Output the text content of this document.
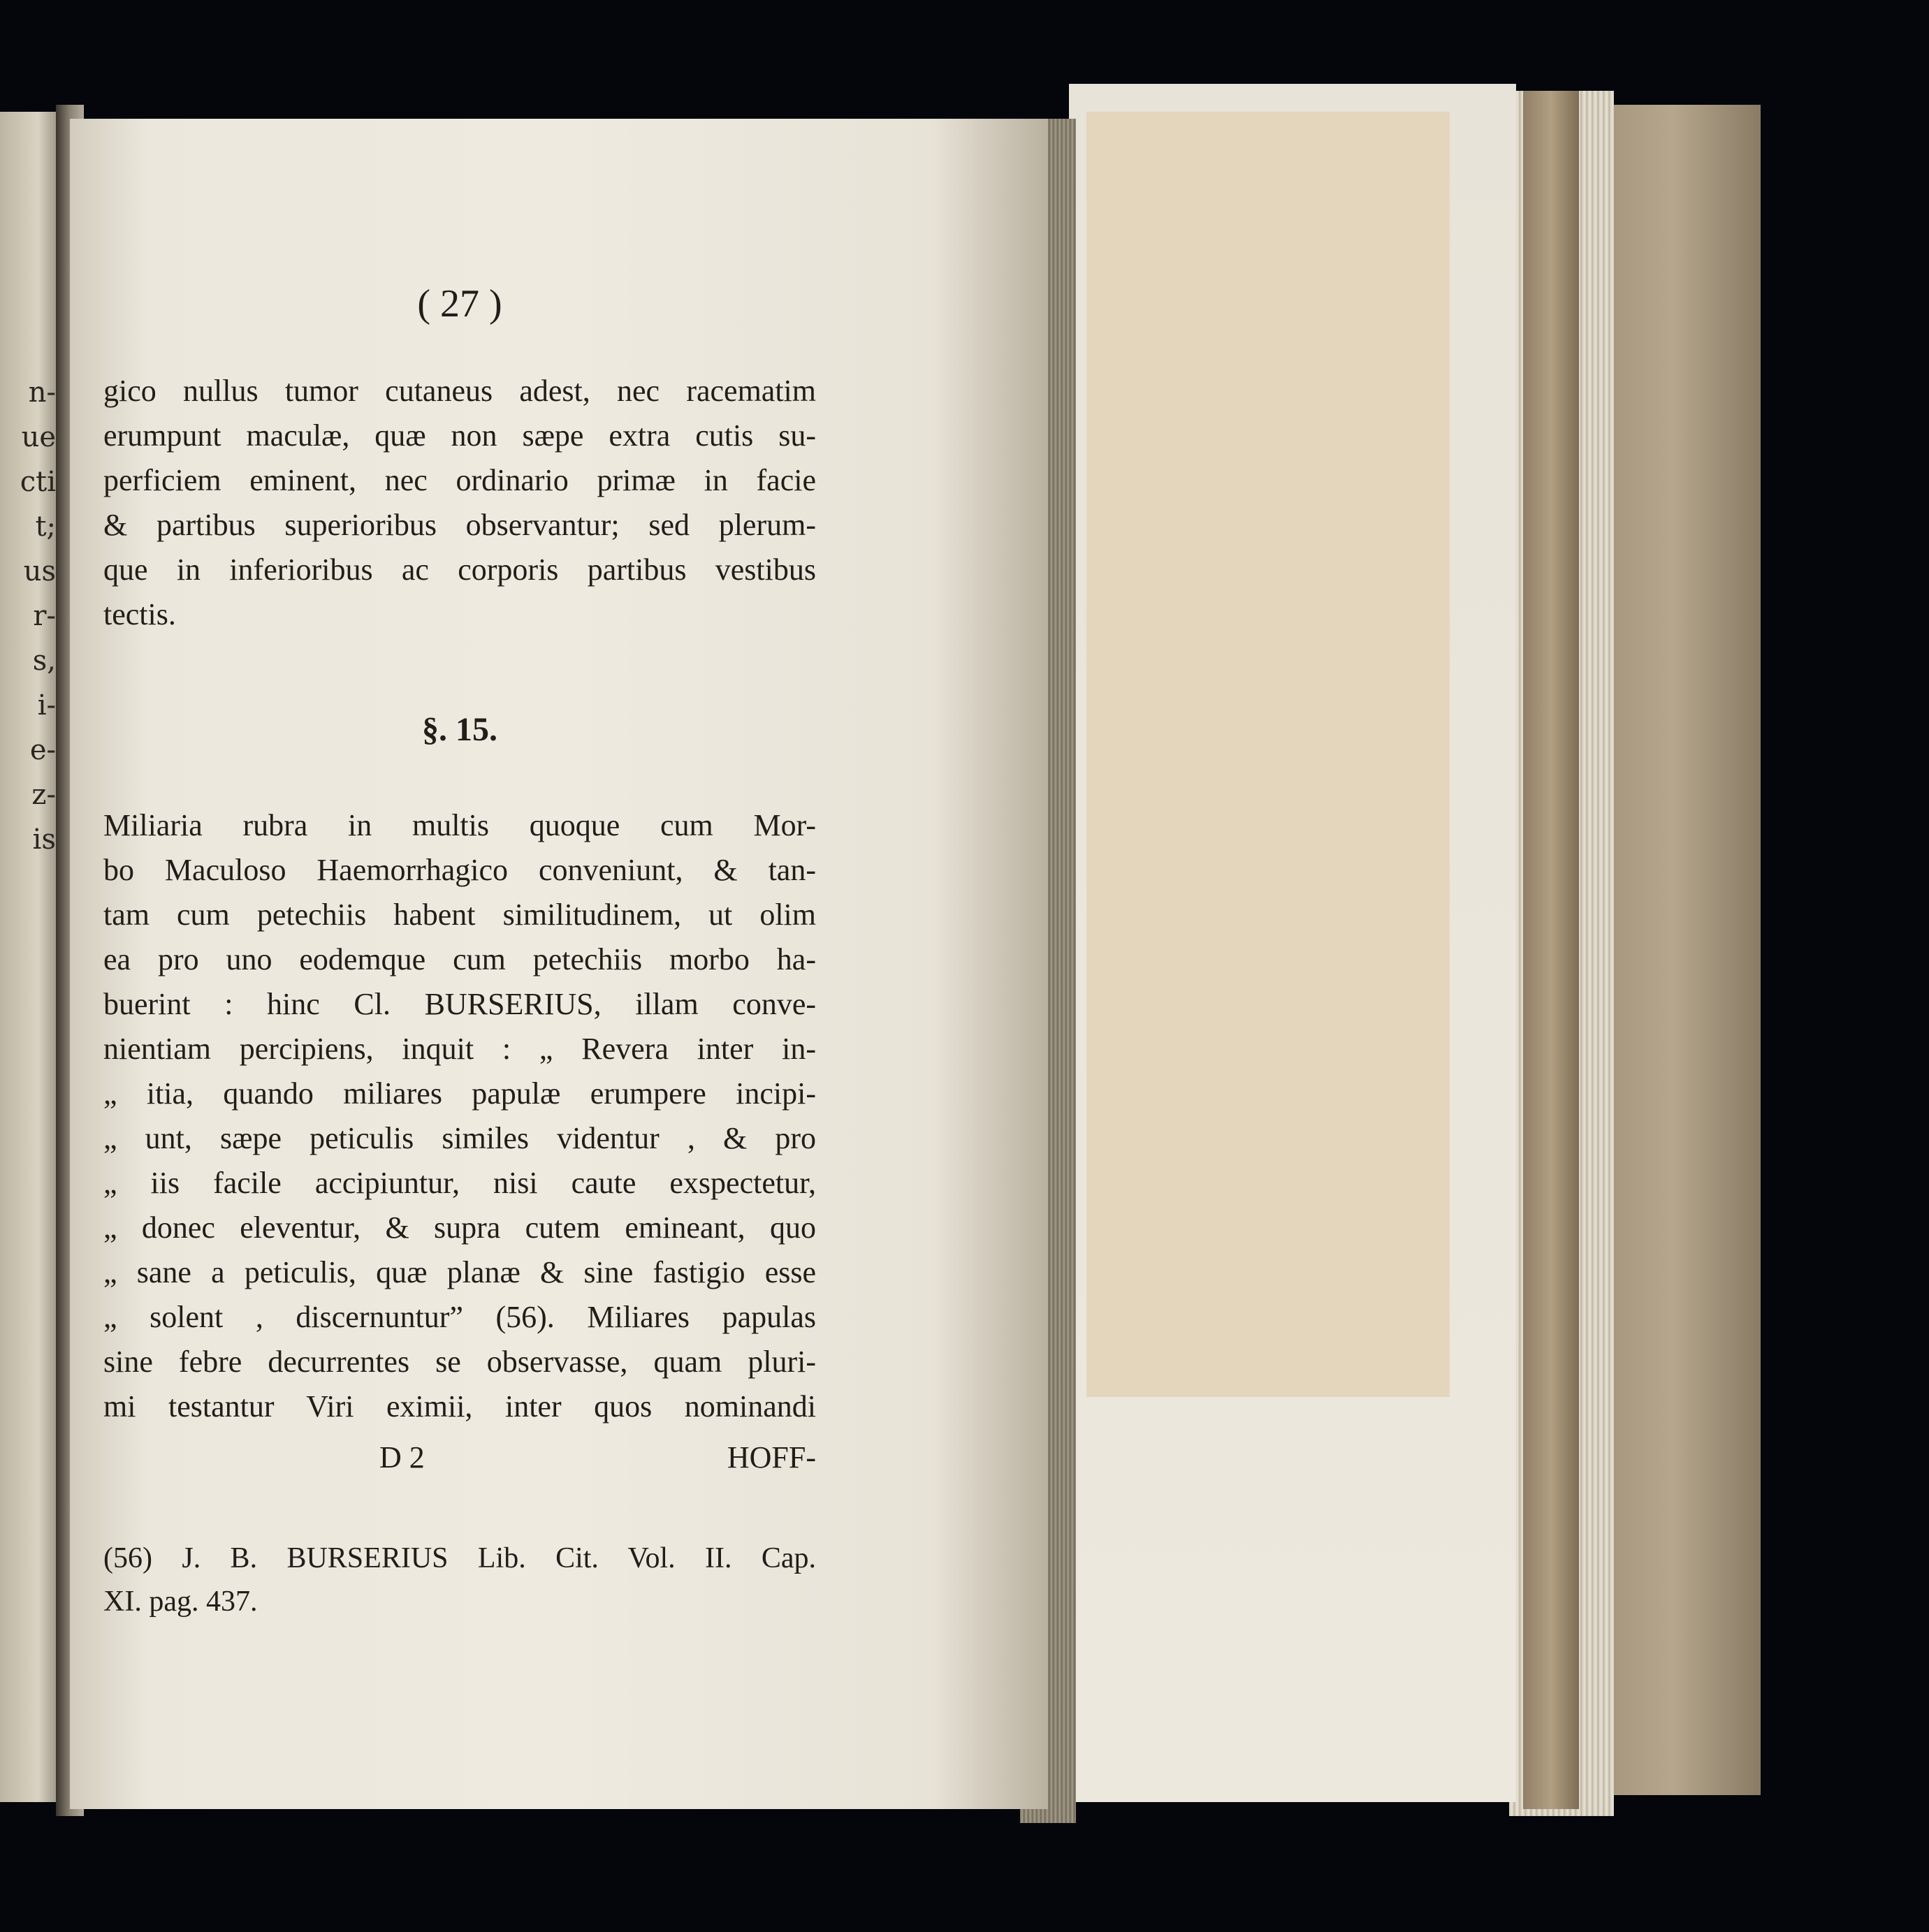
n-
ue
cti
t;
us
r-
s,
i-
e-
z-
is

( 27 )

gico nullus tumor cutaneus adest, nec racematim
erumpunt maculæ, quæ non sæpe extra cutis su-
perficiem eminent, nec ordinario primæ in facie
& partibus superioribus observantur; sed plerum-
que in inferioribus ac corporis partibus vestibus
tectis.

§. 15.

Miliaria rubra in multis quoque cum Mor-
bo Maculoso Haemorrhagico conveniunt, & tan-
tam cum petechiis habent similitudinem, ut olim
ea pro uno eodemque cum petechiis morbo ha-
buerint : hinc Cl. BURSERIUS, illam conve-
nientiam percipiens, inquit : „ Revera inter in-
„ itia, quando miliares papulæ erumpere incipi-
„ unt, sæpe peticulis similes videntur , & pro
„ iis facile accipiuntur, nisi caute exspectetur,
„ donec eleventur, & supra cutem emineant, quo
„ sane a peticulis, quæ planæ & sine fastigio esse
„ solent , discernuntur” (56). Miliares papulas
sine febre decurrentes se observasse, quam pluri-
mi testantur Viri eximii, inter quos nominandi
D 2	HOFF-
(56) J. B. BURSERIUS Lib. Cit. Vol. II. Cap.
XI. pag. 437.
